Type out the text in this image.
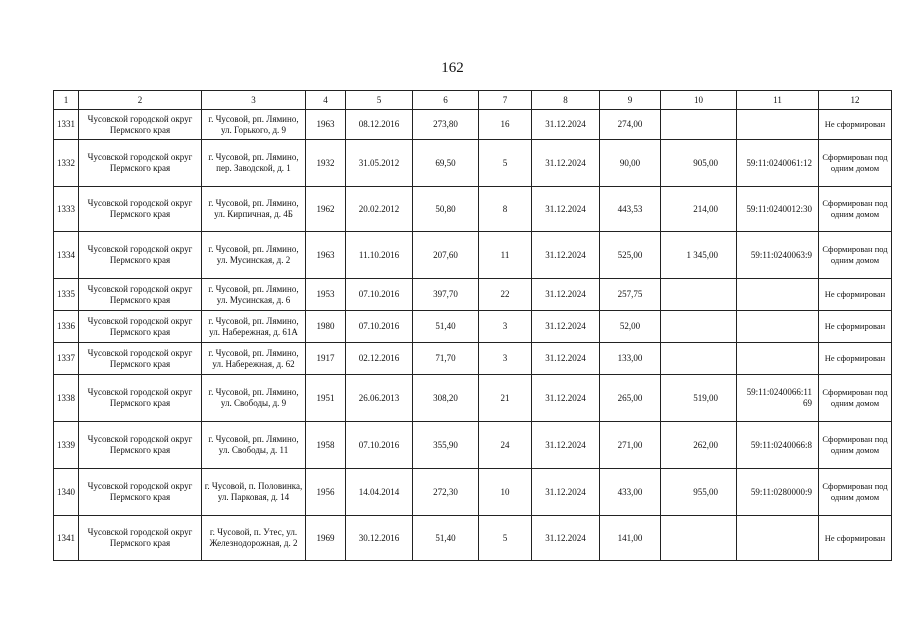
162
1	2	3	4	5	6	7	8	9	10	11	12
1331	Чусовской городской округ Пермского края	г. Чусовой, рп. Лямино, ул. Горького, д. 9	1963	08.12.2016	273,80	16	31.12.2024	274,00			Не сформирован
1332	Чусовской городской округ Пермского края	г. Чусовой, рп. Лямино, пер. Заводской, д. 1	1932	31.05.2012	69,50	5	31.12.2024	90,00	905,00	59:11:0240061:12	Сформирован под одним домом
1333	Чусовской городской округ Пермского края	г. Чусовой, рп. Лямино, ул. Кирпичная, д. 4Б	1962	20.02.2012	50,80	8	31.12.2024	443,53	214,00	59:11:0240012:30	Сформирован под одним домом
1334	Чусовской городской округ Пермского края	г. Чусовой, рп. Лямино, ул. Мусинская, д. 2	1963	11.10.2016	207,60	11	31.12.2024	525,00	1 345,00	59:11:0240063:9	Сформирован под одним домом
1335	Чусовской городской округ Пермского края	г. Чусовой, рп. Лямино, ул. Мусинская, д. 6	1953	07.10.2016	397,70	22	31.12.2024	257,75			Не сформирован
1336	Чусовской городской округ Пермского края	г. Чусовой, рп. Лямино, ул. Набережная, д. 61А	1980	07.10.2016	51,40	3	31.12.2024	52,00			Не сформирован
1337	Чусовской городской округ Пермского края	г. Чусовой, рп. Лямино, ул. Набережная, д. 62	1917	02.12.2016	71,70	3	31.12.2024	133,00			Не сформирован
1338	Чусовской городской округ Пермского края	г. Чусовой, рп. Лямино, ул. Свободы, д. 9	1951	26.06.2013	308,20	21	31.12.2024	265,00	519,00	59:11:0240066:11 69	Сформирован под одним домом
1339	Чусовской городской округ Пермского края	г. Чусовой, рп. Лямино, ул. Свободы, д. 11	1958	07.10.2016	355,90	24	31.12.2024	271,00	262,00	59:11:0240066:8	Сформирован под одним домом
1340	Чусовской городской округ Пермского края	г. Чусовой, п. Половинка, ул. Парковая, д. 14	1956	14.04.2014	272,30	10	31.12.2024	433,00	955,00	59:11:0280000:9	Сформирован под одним домом
1341	Чусовской городской округ Пермского края	г. Чусовой, п. Утес, ул. Железнодорожная, д. 2	1969	30.12.2016	51,40	5	31.12.2024	141,00			Не сформирован
